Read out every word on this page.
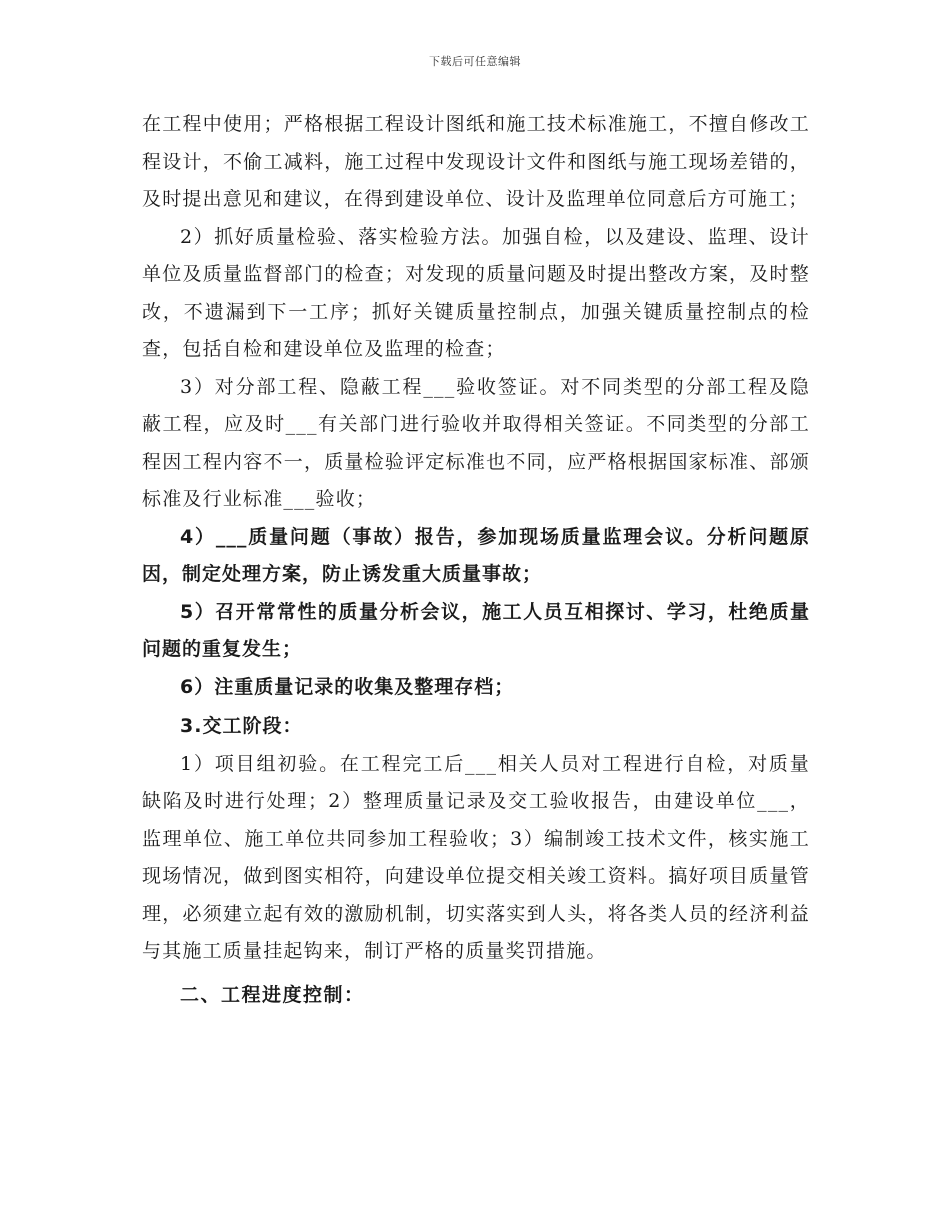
下载后可任意编辑

在工程中使用；严格根据工程设计图纸和施工技术标准施工，不擅自修改工程设计，不偷工减料，施工过程中发现设计文件和图纸与施工现场差错的，及时提出意见和建议，在得到建设单位、设计及监理单位同意后方可施工；

2）抓好质量检验、落实检验方法。加强自检，以及建设、监理、设计单位及质量监督部门的检查；对发现的质量问题及时提出整改方案，及时整改，不遗漏到下一工序；抓好关键质量控制点，加强关键质量控制点的检查，包括自检和建设单位及监理的检查；

3）对分部工程、隐蔽工程___验收签证。对不同类型的分部工程及隐蔽工程，应及时___有关部门进行验收并取得相关签证。不同类型的分部工程因工程内容不一，质量检验评定标准也不同，应严格根据国家标准、部颁标准及行业标准___验收；

4）___质量问题（事故）报告，参加现场质量监理会议。分析问题原因，制定处理方案，防止诱发重大质量事故；

5）召开常常性的质量分析会议，施工人员互相探讨、学习，杜绝质量问题的重复发生；

6）注重质量记录的收集及整理存档；

3.交工阶段：

1）项目组初验。在工程完工后___相关人员对工程进行自检，对质量缺陷及时进行处理；2）整理质量记录及交工验收报告，由建设单位___，监理单位、施工单位共同参加工程验收；3）编制竣工技术文件，核实施工现场情况，做到图实相符，向建设单位提交相关竣工资料。搞好项目质量管理，必须建立起有效的激励机制，切实落实到人头，将各类人员的经济利益与其施工质量挂起钩来，制订严格的质量奖罚措施。

二、工程进度控制：
